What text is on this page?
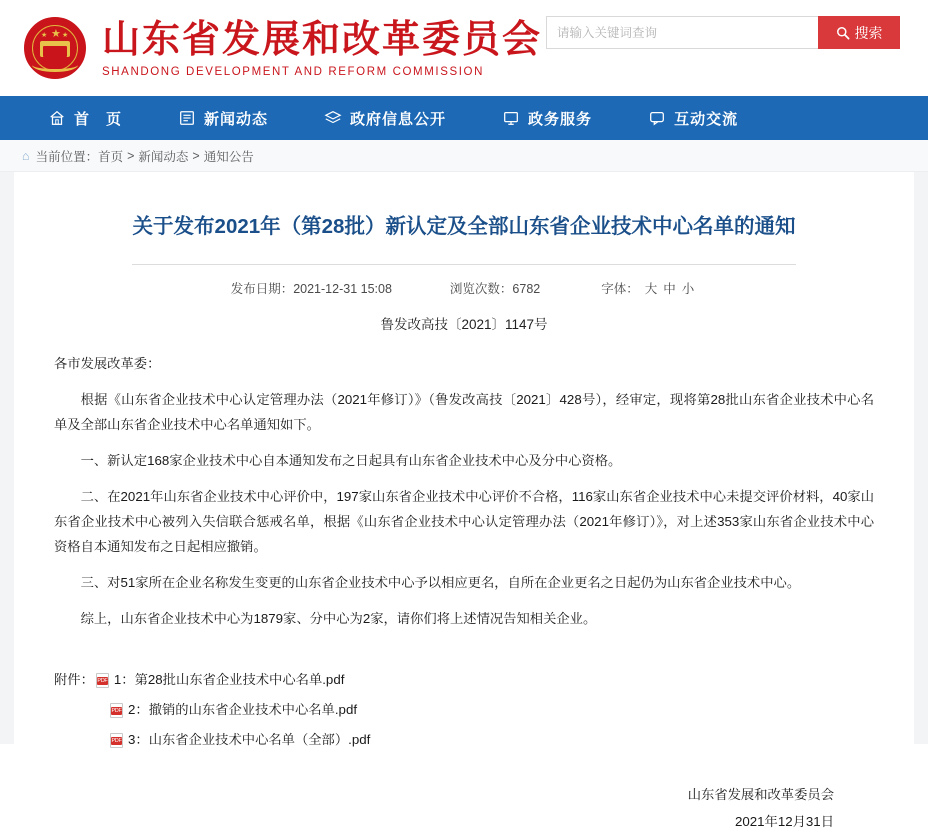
★
★ ★ 山东省发展和改革委员会
SHANDONG DEVELOPMENT AND REFORM COMMISSION
请输入关键词查询
搜索
首　页	新闻动态	政府信息公开	政务服务	互动交流
⌂ 当前位置： 首页 > 新闻动态 > 通知公告
关于发布2021年（第28批）新认定及全部山东省企业技术中心名单的通知
发布日期：2021-12-31 15:08	浏览次数：6782	字体： 大 中 小
鲁发改高技〔2021〕1147号

各市发展改革委：

根据《山东省企业技术中心认定管理办法（2021年修订）》（鲁发改高技〔2021〕428号），经审定，现将第28批山东省企业技术中心名单及全部山东省企业技术中心名单通知如下。

一、新认定168家企业技术中心自本通知发布之日起具有山东省企业技术中心及分中心资格。

二、在2021年山东省企业技术中心评价中，197家山东省企业技术中心评价不合格，116家山东省企业技术中心未提交评价材料，40家山东省企业技术中心被列入失信联合惩戒名单，根据《山东省企业技术中心认定管理办法（2021年修订）》，对上述353家山东省企业技术中心资格自本通知发布之日起相应撤销。

三、对51家所在企业名称发生变更的山东省企业技术中心予以相应更名，自所在企业更名之日起仍为山东省企业技术中心。

综上，山东省企业技术中心为1879家、分中心为2家，请你们将上述情况告知相关企业。

附件： PDF 1： 第28批山东省企业技术中心名单.pdf
PDF 2： 撤销的山东省企业技术中心名单.pdf
PDF 3： 山东省企业技术中心名单（全部）.pdf
山东省发展和改革委员会
2021年12月31日
